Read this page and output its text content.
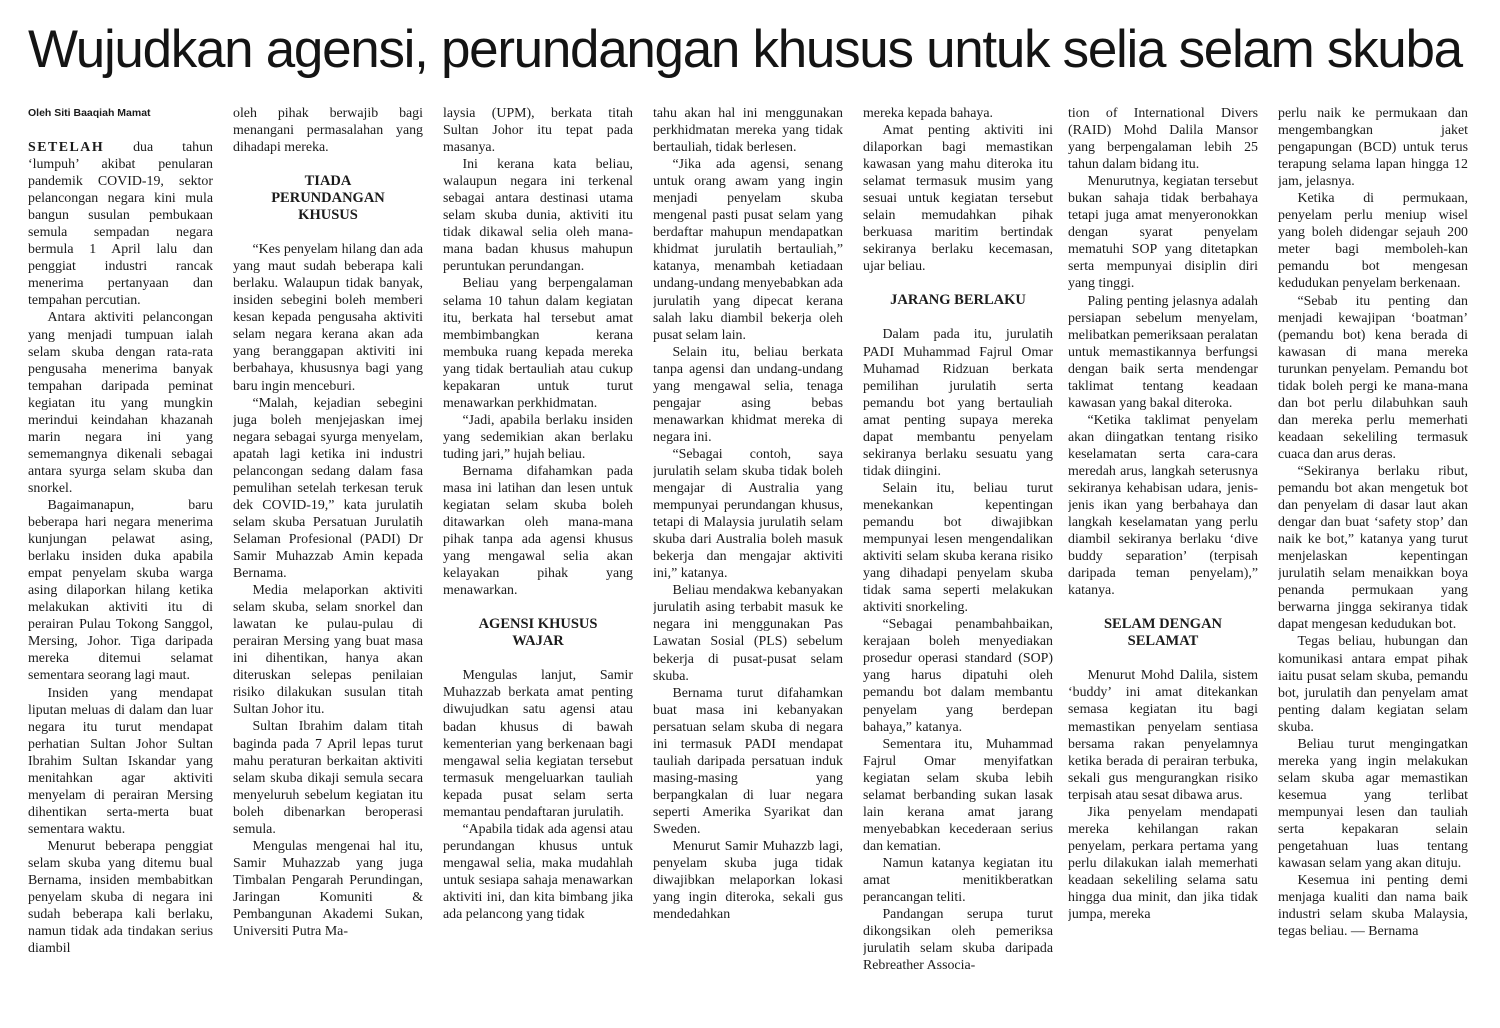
Wujudkan agensi, perundangan khusus untuk selia selam skuba
Oleh Siti Baaqiah Mamat

SETELAH dua tahun ‘lumpuh’ akibat penularan pandemik COVID-19, sektor pelancongan negara kini mula bangun susulan pembukaan semula sempadan negara bermula 1 April lalu dan penggiat industri rancak menerima pertanyaan dan tempahan percutian.

Antara aktiviti pelancongan yang menjadi tumpuan ialah selam skuba dengan rata-rata pengusaha menerima banyak tempahan daripada peminat kegiatan itu yang mungkin merindui keindahan khazanah marin negara ini yang sememangnya dikenali sebagai antara syurga selam skuba dan snorkel.

Bagaimanapun, baru beberapa hari negara menerima kunjungan pelawat asing, berlaku insiden duka apabila empat penyelam skuba warga asing dilaporkan hilang ketika melakukan aktiviti itu di perairan Pulau Tokong Sanggol, Mersing, Johor. Tiga daripada mereka ditemui selamat sementara seorang lagi maut.

Insiden yang mendapat liputan meluas di dalam dan luar negara itu turut mendapat perhatian Sultan Johor Sultan Ibrahim Sultan Iskandar yang menitahkan agar aktiviti menyelam di perairan Mersing dihentikan serta-merta buat sementara waktu.

Menurut beberapa penggiat selam skuba yang ditemu bual Bernama, insiden membabitkan penyelam skuba di negara ini sudah beberapa kali berlaku, namun tidak ada tindakan serius diambil

oleh pihak berwajib bagi menangani permasalahan yang dihadapi mereka.

TIADA PERUNDANGAN KHUSUS

“Kes penyelam hilang dan ada yang maut sudah beberapa kali berlaku. Walaupun tidak banyak, insiden sebegini boleh memberi kesan kepada pengusaha aktiviti selam negara kerana akan ada yang beranggapan aktiviti ini berbahaya, khususnya bagi yang baru ingin menceburi.

“Malah, kejadian sebegini juga boleh menjejaskan imej negara sebagai syurga menyelam, apatah lagi ketika ini industri pelancongan sedang dalam fasa pemulihan setelah terkesan teruk dek COVID-19,” kata jurulatih selam skuba Persatuan Jurulatih Selaman Profesional (PADI) Dr Samir Muhazzab Amin kepada Bernama.

Media melaporkan aktiviti selam skuba, selam snorkel dan lawatan ke pulau-pulau di perairan Mersing yang buat masa ini dihentikan, hanya akan diteruskan selepas penilaian risiko dilakukan susulan titah Sultan Johor itu.

Sultan Ibrahim dalam titah baginda pada 7 April lepas turut mahu peraturan berkaitan aktiviti selam skuba dikaji semula secara menyeluruh sebelum kegiatan itu boleh dibenarkan beroperasi semula.

Mengulas mengenai hal itu, Samir Muhazzab yang juga Timbalan Pengarah Perundingan, Jaringan Komuniti & Pembangunan Akademi Sukan, Universiti Putra Ma-

laysia (UPM), berkata titah Sultan Johor itu tepat pada masanya.

Ini kerana kata beliau, walaupun negara ini terkenal sebagai antara destinasi utama selam skuba dunia, aktiviti itu tidak dikawal selia oleh mana-mana badan khusus mahupun peruntukan perundangan.

Beliau yang berpengalaman selama 10 tahun dalam kegiatan itu, berkata hal tersebut amat membimbangkan kerana membuka ruang kepada mereka yang tidak bertauliah atau cukup kepakaran untuk turut menawarkan perkhidmatan.

“Jadi, apabila berlaku insiden yang sedemikian akan berlaku tuding jari,” hujah beliau.

Bernama difahamkan pada masa ini latihan dan lesen untuk kegiatan selam skuba boleh ditawarkan oleh mana-mana pihak tanpa ada agensi khusus yang mengawal selia akan kelayakan pihak yang menawarkan.

AGENSI KHUSUS WAJAR

Mengulas lanjut, Samir Muhazzab berkata amat penting diwujudkan satu agensi atau badan khusus di bawah kementerian yang berkenaan bagi mengawal selia kegiatan tersebut termasuk mengeluarkan tauliah kepada pusat selam serta memantau pendaftaran jurulatih.

“Apabila tidak ada agensi atau perundangan khusus untuk mengawal selia, maka mudahlah untuk sesiapa sahaja menawarkan aktiviti ini, dan kita bimbang jika ada pelancong yang tidak

tahu akan hal ini menggunakan perkhidmatan mereka yang tidak bertauliah, tidak berlesen.

“Jika ada agensi, senang untuk orang awam yang ingin menjadi penyelam skuba mengenal pasti pusat selam yang berdaftar mahupun mendapatkan khidmat jurulatih bertauliah,” katanya, menambah ketiadaan undang-undang menyebabkan ada jurulatih yang dipecat kerana salah laku diambil bekerja oleh pusat selam lain.

Selain itu, beliau berkata tanpa agensi dan undang-undang yang mengawal selia, tenaga pengajar asing bebas menawarkan khidmat mereka di negara ini.

“Sebagai contoh, saya jurulatih selam skuba tidak boleh mengajar di Australia yang mempunyai perundangan khusus, tetapi di Malaysia jurulatih selam skuba dari Australia boleh masuk bekerja dan mengajar aktiviti ini,” katanya.

Beliau mendakwa kebanyakan jurulatih asing terbabit masuk ke negara ini menggunakan Pas Lawatan Sosial (PLS) sebelum bekerja di pusat-pusat selam skuba.

Bernama turut difahamkan buat masa ini kebanyakan persatuan selam skuba di negara ini termasuk PADI mendapat tauliah daripada persatuan induk masing-masing yang berpangkalan di luar negara seperti Amerika Syarikat dan Sweden.

Menurut Samir Muhazzb lagi, penyelam skuba juga tidak diwajibkan melaporkan lokasi yang ingin diteroka, sekali gus mendedahkan

mereka kepada bahaya.

Amat penting aktiviti ini dilaporkan bagi memastikan kawasan yang mahu diteroka itu selamat termasuk musim yang sesuai untuk kegiatan tersebut selain memudahkan pihak berkuasa maritim bertindak sekiranya berlaku kecemasan, ujar beliau.

JARANG BERLAKU

Dalam pada itu, jurulatih PADI Muhammad Fajrul Omar Muhamad Ridzuan berkata pemilihan jurulatih serta pemandu bot yang bertauliah amat penting supaya mereka dapat membantu penyelam sekiranya berlaku sesuatu yang tidak diingini.

Selain itu, beliau turut menekankan kepentingan pemandu bot diwajibkan mempunyai lesen mengendalikan aktiviti selam skuba kerana risiko yang dihadapi penyelam skuba tidak sama seperti melakukan aktiviti snorkeling.

“Sebagai penambahbaikan, kerajaan boleh menyediakan prosedur operasi standard (SOP) yang harus dipatuhi oleh pemandu bot dalam membantu penyelam yang berdepan bahaya,” katanya.

Sementara itu, Muhammad Fajrul Omar menyifatkan kegiatan selam skuba lebih selamat berbanding sukan lasak lain kerana amat jarang menyebabkan kecederaan serius dan kematian.

Namun katanya kegiatan itu amat menitikberatkan perancangan teliti.

Pandangan serupa turut dikongsikan oleh pemeriksa jurulatih selam skuba daripada Rebreather Associa-

tion of International Divers (RAID) Mohd Dalila Mansor yang berpengalaman lebih 25 tahun dalam bidang itu.

Menurutnya, kegiatan tersebut bukan sahaja tidak berbahaya tetapi juga amat menyeronokkan dengan syarat penyelam mematuhi SOP yang ditetapkan serta mempunyai disiplin diri yang tinggi.

Paling penting jelasnya adalah persiapan sebelum menyelam, melibatkan pemeriksaan peralatan untuk memastikannya berfungsi dengan baik serta mendengar taklimat tentang keadaan kawasan yang bakal diteroka.

“Ketika taklimat penyelam akan diingatkan tentang risiko keselamatan serta cara-cara meredah arus, langkah seterusnya sekiranya kehabisan udara, jenis-jenis ikan yang berbahaya dan langkah keselamatan yang perlu diambil sekiranya berlaku ‘dive buddy separation’ (terpisah daripada teman penyelam),” katanya.

SELAM DENGAN SELAMAT

Menurut Mohd Dalila, sistem ‘buddy’ ini amat ditekankan semasa kegiatan itu bagi memastikan penyelam sentiasa bersama rakan penyelamnya ketika berada di perairan terbuka, sekali gus mengurangkan risiko terpisah atau sesat dibawa arus.

Jika penyelam mendapati mereka kehilangan rakan penyelam, perkara pertama yang perlu dilakukan ialah memerhati keadaan sekeliling selama satu hingga dua minit, dan jika tidak jumpa, mereka

perlu naik ke permukaan dan mengembangkan jaket pengapungan (BCD) untuk terus terapung selama lapan hingga 12 jam, jelasnya.

Ketika di permukaan, penyelam perlu meniup wisel yang boleh didengar sejauh 200 meter bagi memboleh-kan pemandu bot mengesan kedudukan penyelam berkenaan.

“Sebab itu penting dan menjadi kewajipan ‘boatman’ (pemandu bot) kena berada di kawasan di mana mereka turunkan penyelam. Pemandu bot tidak boleh pergi ke mana-mana dan bot perlu dilabuhkan sauh dan mereka perlu memerhati keadaan sekeliling termasuk cuaca dan arus deras.

“Sekiranya berlaku ribut, pemandu bot akan mengetuk bot dan penyelam di dasar laut akan dengar dan buat ‘safety stop’ dan naik ke bot,” katanya yang turut menjelaskan kepentingan jurulatih selam menaikkan boya penanda permukaan yang berwarna jingga sekiranya tidak dapat mengesan kedudukan bot.

Tegas beliau, hubungan dan komunikasi antara empat pihak iaitu pusat selam skuba, pemandu bot, jurulatih dan penyelam amat penting dalam kegiatan selam skuba.

Beliau turut mengingatkan mereka yang ingin melakukan selam skuba agar memastikan kesemua yang terlibat mempunyai lesen dan tauliah serta kepakaran selain pengetahuan luas tentang kawasan selam yang akan dituju.

Kesemua ini penting demi menjaga kualiti dan nama baik industri selam skuba Malaysia, tegas beliau. — Bernama
